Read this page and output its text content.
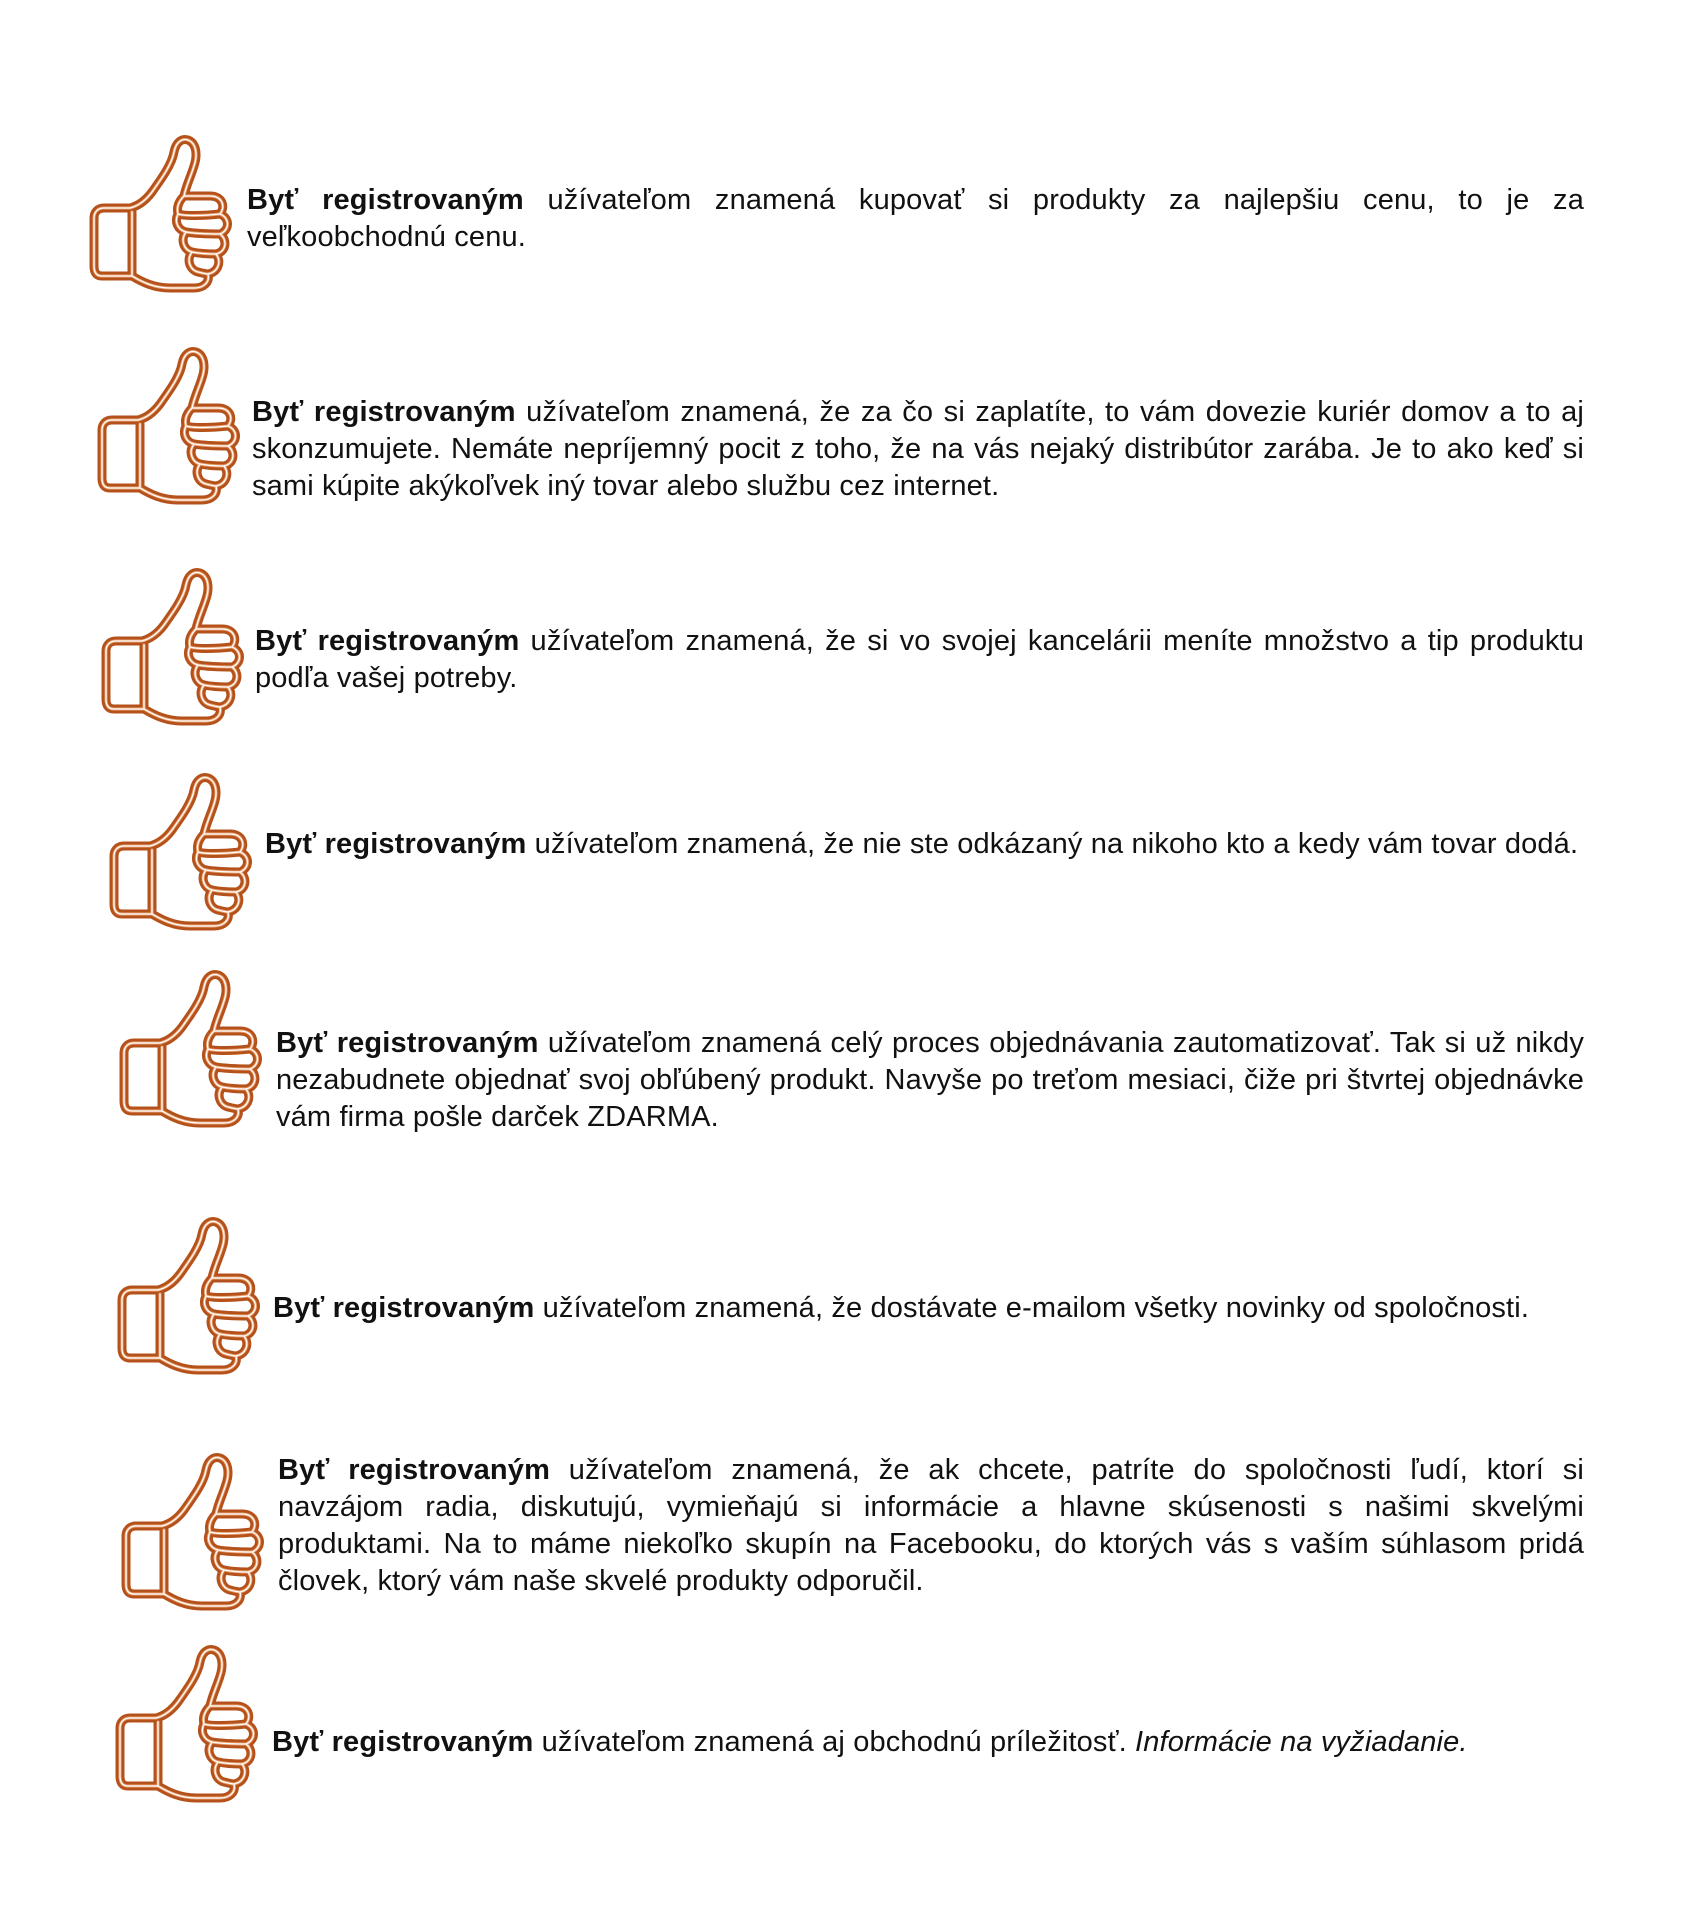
Byť registrovaným užívateľom znamená kupovať si produkty za najlepšiu cenu, to je za veľkoobchodnú cenu.
Byť registrovaným užívateľom znamená, že za čo si zaplatíte, to vám dovezie kuriér domov a to aj skonzumujete. Nemáte nepríjemný pocit z toho, že na vás nejaký distribútor zarába. Je to ako keď si sami kúpite akýkoľvek iný tovar alebo službu cez internet.
Byť registrovaným užívateľom znamená, že si vo svojej kancelárii meníte množstvo a tip produktu podľa vašej potreby.
Byť registrovaným užívateľom znamená, že nie ste odkázaný na nikoho kto a kedy vám tovar dodá.
Byť registrovaným užívateľom znamená celý proces objednávania zautomatizovať. Tak si už nikdy nezabudnete objednať svoj obľúbený produkt. Navyše po treťom mesiaci, čiže pri štvrtej objednávke vám firma pošle darček ZDARMA.
Byť registrovaným užívateľom znamená, že dostávate e-mailom všetky novinky od spoločnosti.
Byť registrovaným užívateľom znamená, že ak chcete, patríte do spoločnosti ľudí, ktorí si navzájom radia, diskutujú, vymieňajú si informácie a hlavne skúsenosti s našimi skvelými produktami. Na to máme niekoľko skupín na Facebooku, do ktorých vás s vaším súhlasom pridá človek, ktorý vám naše skvelé produkty odporučil.
Byť registrovaným užívateľom znamená aj obchodnú príležitosť. Informácie na vyžiadanie.
